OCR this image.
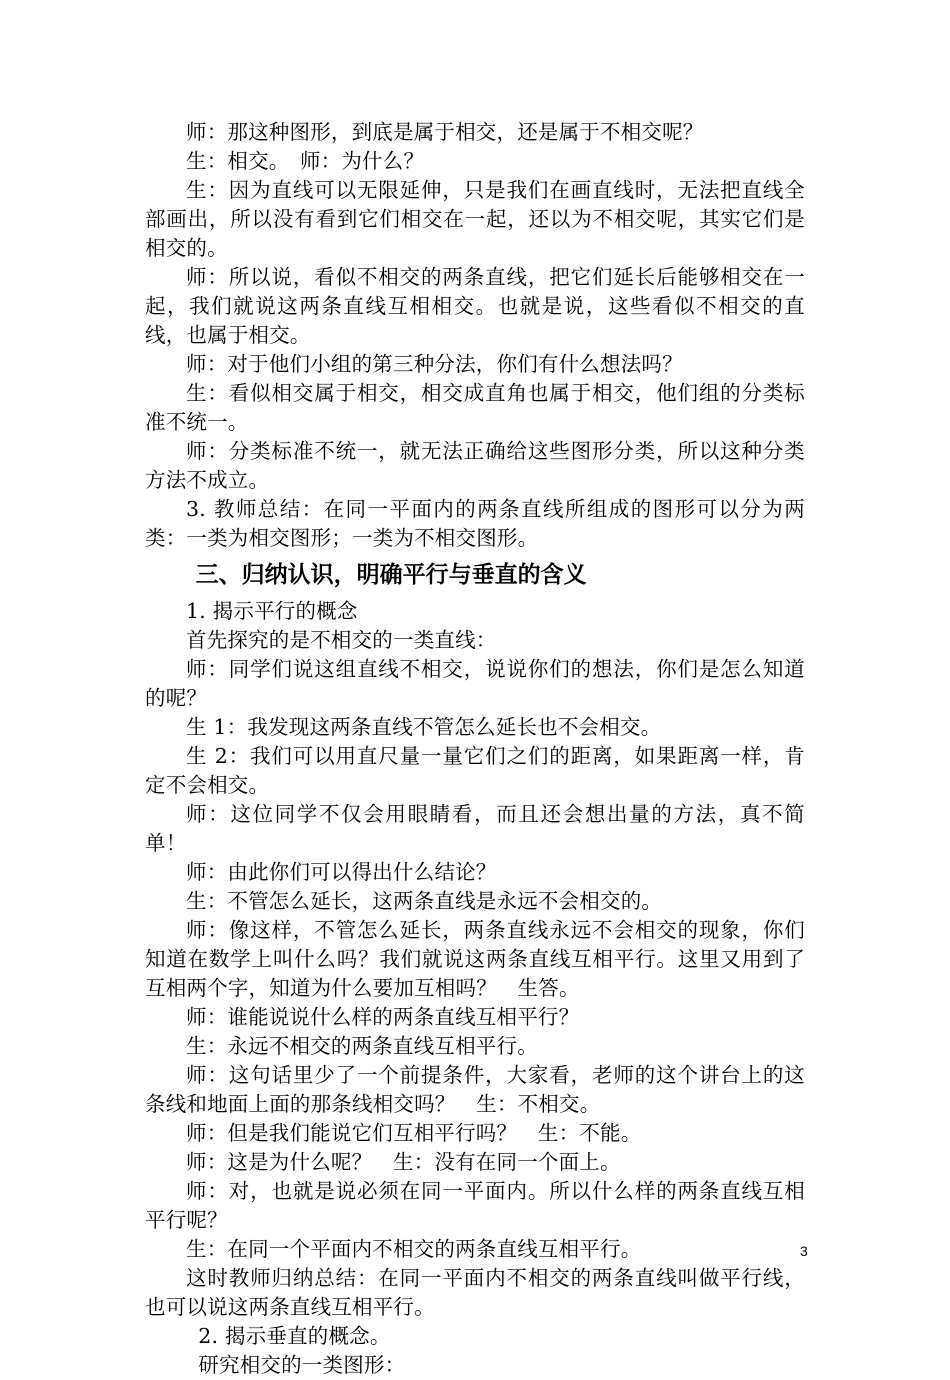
师：那这种图形，到底是属于相交，还是属于不相交呢？

生：相交。　师：为什么？

生：因为直线可以无限延伸，只是我们在画直线时，无法把直线全部画出，所以没有看到它们相交在一起，还以为不相交呢，其实它们是相交的。

师：所以说，看似不相交的两条直线，把它们延长后能够相交在一起，我们就说这两条直线互相相交。也就是说，这些看似不相交的直线，也属于相交。

师：对于他们小组的第三种分法，你们有什么想法吗？

生：看似相交属于相交，相交成直角也属于相交，他们组的分类标准不统一。

师：分类标准不统一，就无法正确给这些图形分类，所以这种分类方法不成立。

3. 教师总结：在同一平面内的两条直线所组成的图形可以分为两类：一类为相交图形；一类为不相交图形。

三、归纳认识，明确平行与垂直的含义

1. 揭示平行的概念

首先探究的是不相交的一类直线：

师：同学们说这组直线不相交，说说你们的想法，你们是怎么知道的呢？

生 1：我发现这两条直线不管怎么延长也不会相交。

生 2：我们可以用直尺量一量它们之们的距离，如果距离一样，肯定不会相交。

师：这位同学不仅会用眼睛看，而且还会想出量的方法，真不简单！

师：由此你们可以得出什么结论？

生：不管怎么延长，这两条直线是永远不会相交的。

师：像这样，不管怎么延长，两条直线永远不会相交的现象，你们知道在数学上叫什么吗？我们就说这两条直线互相平行。这里又用到了互相两个字，知道为什么要加互相吗？　生答。

师：谁能说说什么样的两条直线互相平行？

生：永远不相交的两条直线互相平行。

师：这句话里少了一个前提条件，大家看，老师的这个讲台上的这条线和地面上面的那条线相交吗？　生：不相交。

师：但是我们能说它们互相平行吗？　生：不能。

师：这是为什么呢？　生：没有在同一个面上。

师：对，也就是说必须在同一平面内。所以什么样的两条直线互相平行呢？

生：在同一个平面内不相交的两条直线互相平行。

这时教师归纳总结：在同一平面内不相交的两条直线叫做平行线，也可以说这两条直线互相平行。

2. 揭示垂直的概念。

研究相交的一类图形：

3
